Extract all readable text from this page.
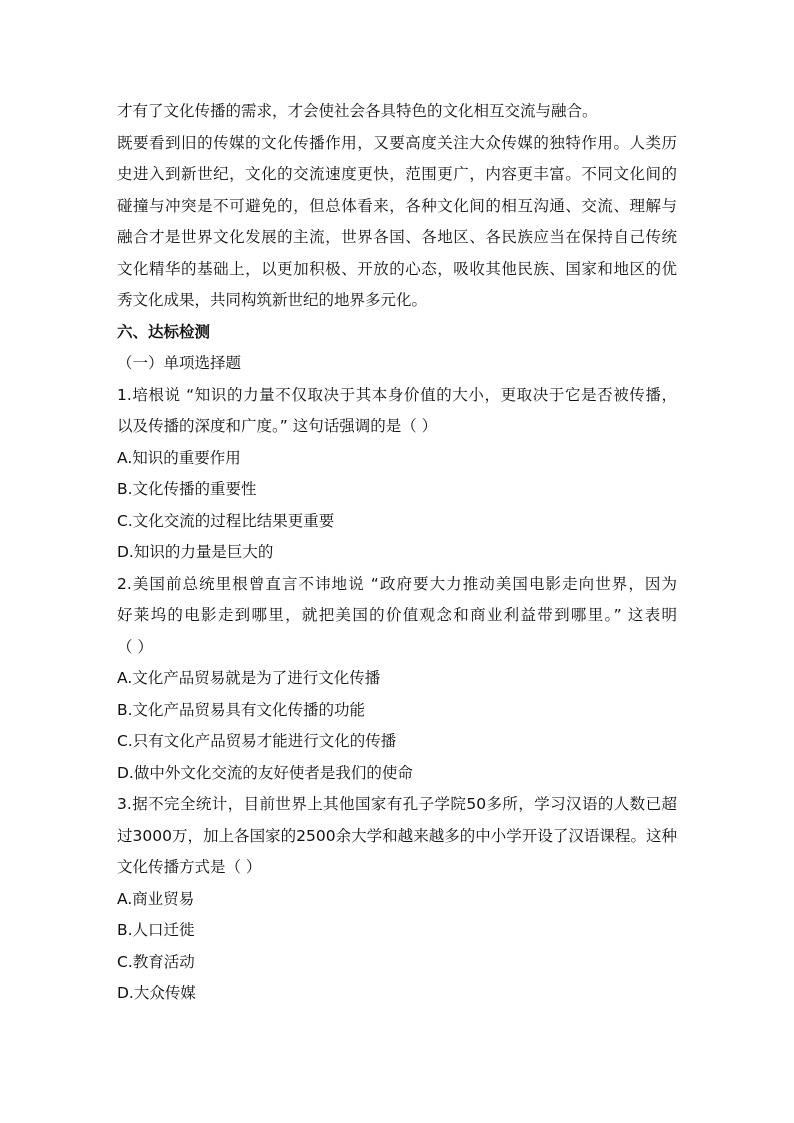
才有了文化传播的需求，才会使社会各具特色的文化相互交流与融合。
既要看到旧的传媒的文化传播作用，又要高度关注大众传媒的独特作用。人类历
史进入到新世纪，文化的交流速度更快，范围更广，内容更丰富。不同文化间的
碰撞与冲突是不可避免的，但总体看来，各种文化间的相互沟通、交流、理解与
融合才是世界文化发展的主流，世界各国、各地区、各民族应当在保持自己传统
文化精华的基础上，以更加积极、开放的心态，吸收其他民族、国家和地区的优
秀文化成果，共同构筑新世纪的地界多元化。
六、达标检测
（一）单项选择题
1.培根说 “知识的力量不仅取决于其本身价值的大小，更取决于它是否被传播，
以及传播的深度和广度。” 这句话强调的是（ ）
A.知识的重要作用
B.文化传播的重要性
C.文化交流的过程比结果更重要
D.知识的力量是巨大的
2.美国前总统里根曾直言不讳地说 “政府要大力推动美国电影走向世界，因为
好莱坞的电影走到哪里，就把美国的价值观念和商业利益带到哪里。” 这表明
（ ）
A.文化产品贸易就是为了进行文化传播
B.文化产品贸易具有文化传播的功能
C.只有文化产品贸易才能进行文化的传播
D.做中外文化交流的友好使者是我们的使命
3.据不完全统计，目前世界上其他国家有孔子学院50多所，学习汉语的人数已超
过3000万，加上各国家的2500余大学和越来越多的中小学开设了汉语课程。这种
文化传播方式是（ ）
A.商业贸易
B.人口迁徙
C.教育活动
D.大众传媒
